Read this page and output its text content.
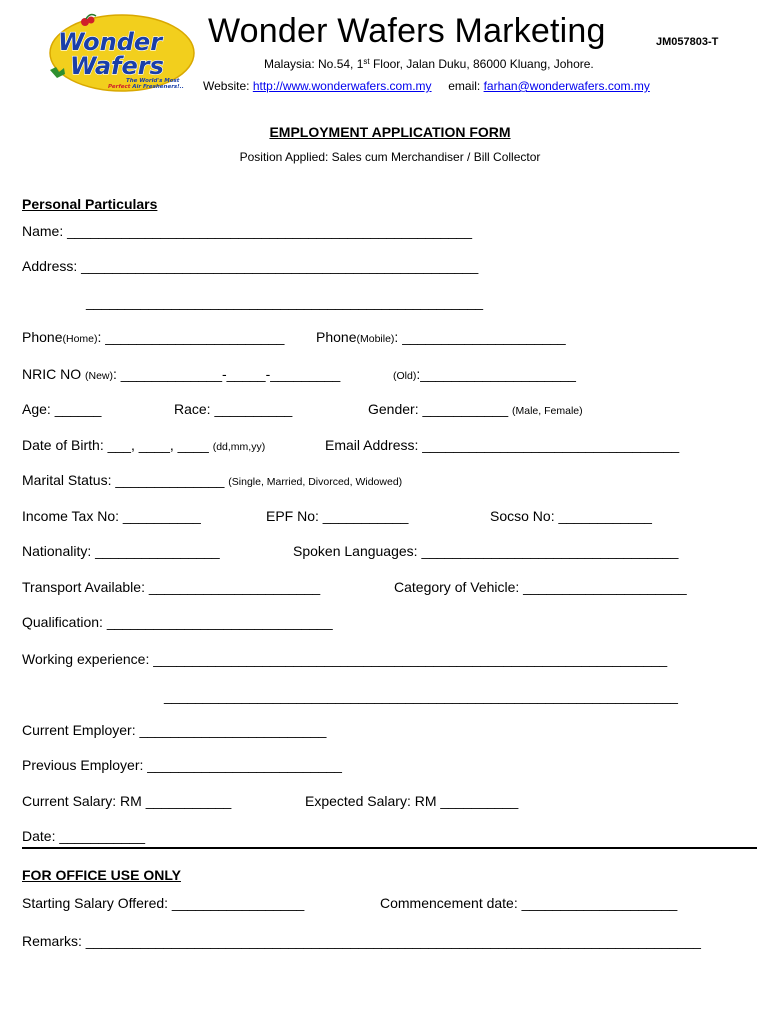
Wonder
Wafers
The World's Most
Perfect Air Fresheners!..
Wonder Wafers Marketing	JM057803-T
Malaysia: No.54, 1st Floor, Jalan Duku, 86000 Kluang, Johore.
Website: http://www.wonderwafers.com.my email: farhan@wonderwafers.com.my
EMPLOYMENT APPLICATION FORM
Position Applied: Sales cum Merchandiser / Bill Collector
Personal Particulars
Name: ____________________________________________________
Address: ___________________________________________________
___________________________________________________
Phone(Home): _______________________ Phone(Mobile): _____________________
NRIC NO (New): _____________-_____-_________	(Old):____________________
Age: ______	Race: __________	Gender: ___________ (Male, Female)
Date of Birth: ___, ____, ____ (dd,mm,yy)	Email Address: _________________________________
Marital Status: ______________ (Single, Married, Divorced, Widowed)
Income Tax No: __________	EPF No: ___________	Socso No: ____________
Nationality: ________________	Spoken Languages: _________________________________
Transport Available: ______________________	Category of Vehicle: _____________________
Qualification: _____________________________
Working experience: __________________________________________________________________
__________________________________________________________________
Current Employer: ________________________
Previous Employer: _________________________
Current Salary: RM ___________	Expected Salary: RM __________
Date: ___________
FOR OFFICE USE ONLY
Starting Salary Offered: _________________	Commencement date: ____________________
Remarks: _______________________________________________________________________________
